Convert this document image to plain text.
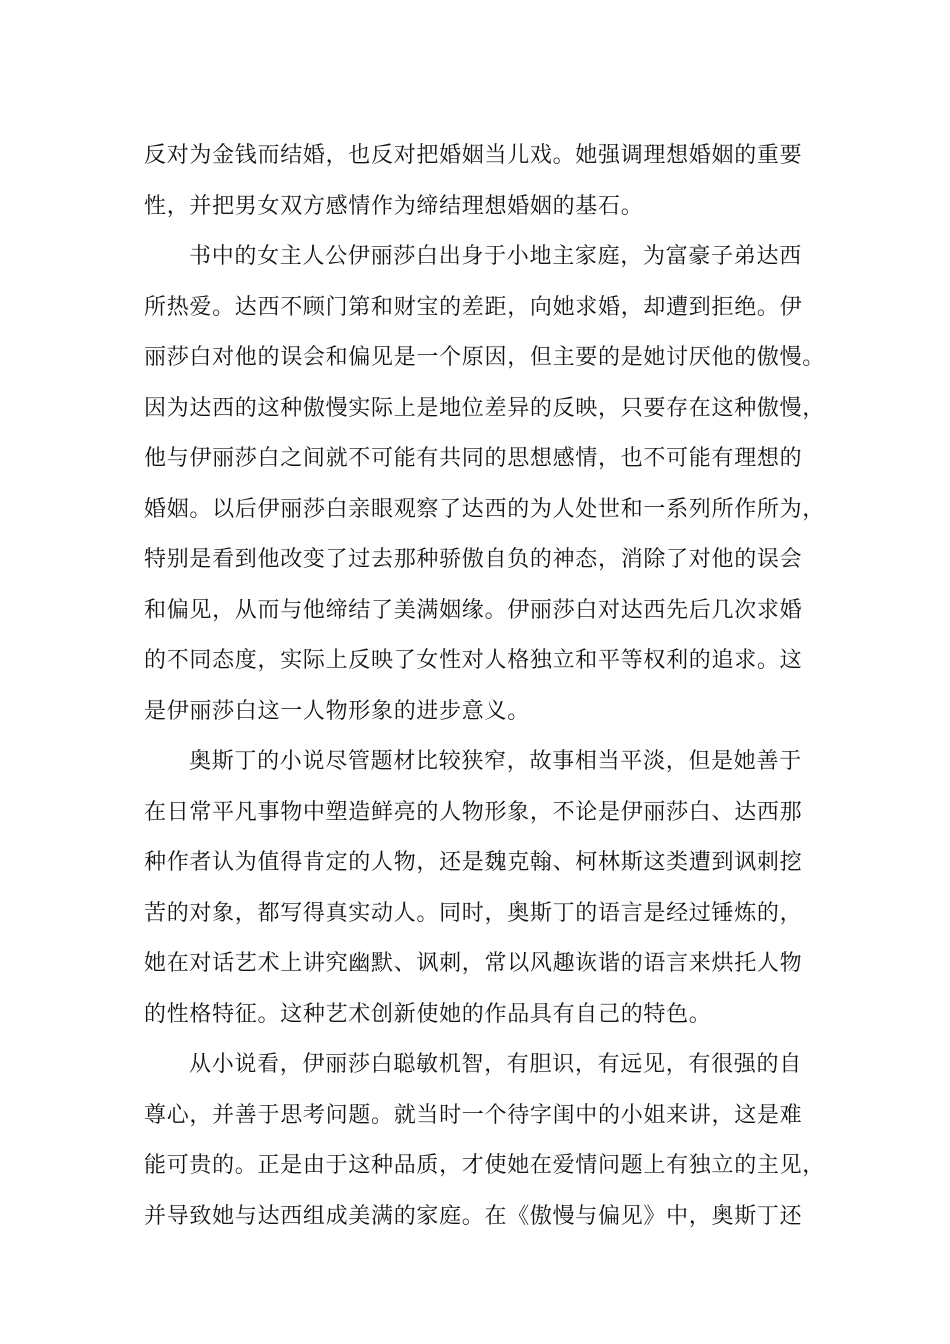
反对为金钱而结婚，也反对把婚姻当儿戏。她强调理想婚姻的重要
性，并把男女双方感情作为缔结理想婚姻的基石。
书中的女主人公伊丽莎白出身于小地主家庭，为富豪子弟达西
所热爱。达西不顾门第和财宝的差距，向她求婚，却遭到拒绝。伊
丽莎白对他的误会和偏见是一个原因，但主要的是她讨厌他的傲慢。
因为达西的这种傲慢实际上是地位差异的反映，只要存在这种傲慢，
他与伊丽莎白之间就不可能有共同的思想感情，也不可能有理想的
婚姻。以后伊丽莎白亲眼观察了达西的为人处世和一系列所作所为，
特别是看到他改变了过去那种骄傲自负的神态，消除了对他的误会
和偏见，从而与他缔结了美满姻缘。伊丽莎白对达西先后几次求婚
的不同态度，实际上反映了女性对人格独立和平等权利的追求。这
是伊丽莎白这一人物形象的进步意义。
奥斯丁的小说尽管题材比较狭窄，故事相当平淡，但是她善于
在日常平凡事物中塑造鲜亮的人物形象，不论是伊丽莎白、达西那
种作者认为值得肯定的人物，还是魏克翰、柯林斯这类遭到讽刺挖
苦的对象，都写得真实动人。同时，奥斯丁的语言是经过锤炼的，
她在对话艺术上讲究幽默、讽刺，常以风趣诙谐的语言来烘托人物
的性格特征。这种艺术创新使她的作品具有自己的特色。
从小说看，伊丽莎白聪敏机智，有胆识，有远见，有很强的自
尊心，并善于思考问题。就当时一个待字闺中的小姐来讲，这是难
能可贵的。正是由于这种品质，才使她在爱情问题上有独立的主见，
并导致她与达西组成美满的家庭。在《傲慢与偏见》中，奥斯丁还
